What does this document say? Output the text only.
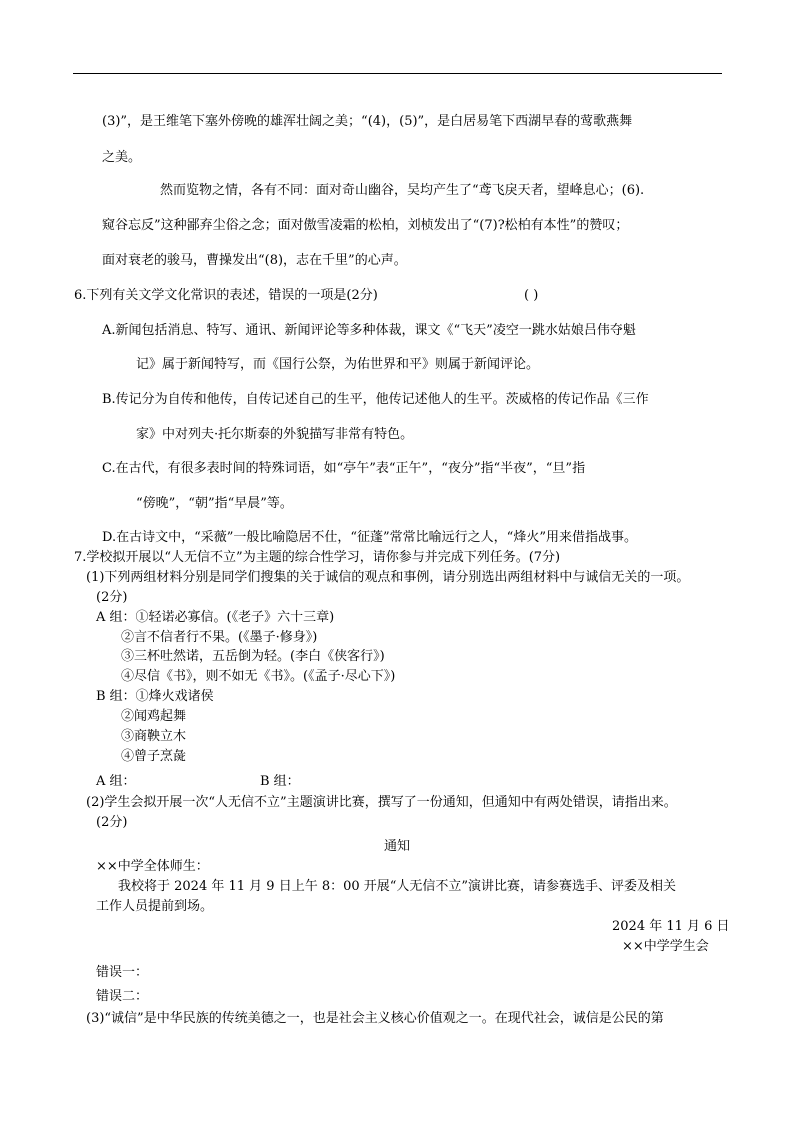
(3)”，是王维笔下塞外傍晚的雄浑壮阔之美；“(4)，(5)”，是白居易笔下西湖早春的莺歌燕舞
之美。
然而览物之情，各有不同：面对奇山幽谷，吴均产生了“鸢飞戾天者，望峰息心；(6).
窥谷忘反”这种鄙弃尘俗之念；面对傲雪凌霜的松柏，刘桢发出了“(7)?松柏有本性”的赞叹；
面对衰老的骏马，曹操发出“(8)，志在千里”的心声。
6.下列有关文学文化常识的表述，错误的一项是(2分)	( )
A.新闻包括消息、特写、通讯、新闻评论等多种体裁，课文《“飞天”凌空一跳水姑娘吕伟夺魁
记》属于新闻特写，而《国行公祭，为佑世界和平》则属于新闻评论。
B.传记分为自传和他传，自传记述自己的生平，他传记述他人的生平。茨威格的传记作品《三作
家》中对列夫·托尔斯泰的外貌描写非常有特色。
C.在古代，有很多表时间的特殊词语，如“亭午”表“正午”，“夜分”指“半夜”，“旦”指
“傍晚”，“朝”指“早晨”等。
D.在古诗文中，“采薇”一般比喻隐居不仕，“征蓬”常常比喻远行之人，“烽火”用来借指战事。
7.学校拟开展以“人无信不立”为主题的综合性学习，请你参与并完成下列任务。(7分)
(1)下列两组材料分别是同学们搜集的关于诚信的观点和事例，请分别选出两组材料中与诚信无关的一项。
(2分)
A 组：①轻诺必寡信。(《老子》六十三章)
②言不信者行不果。(《墨子·修身》)
③三杯吐然诺，五岳倒为轻。(李白《侠客行》)
④尽信《书》，则不如无《书》。(《孟子·尽心下》)
B 组：①烽火戏诸侯
②闻鸡起舞
③商鞅立木
④曾子烹彘
A 组：	B 组：
(2)学生会拟开展一次“人无信不立”主题演讲比赛，撰写了一份通知，但通知中有两处错误，请指出来。
(2分)
通知
××中学全体师生：
我校将于 2024 年 11 月 9 日上午 8：00 开展“人无信不立”演讲比赛，请参赛选手、评委及相关
工作人员提前到场。
2024 年 11 月 6 日
××中学学生会
错误一：
错误二：
(3)“诚信”是中华民族的传统美德之一，也是社会主义核心价值观之一。在现代社会，诚信是公民的第
